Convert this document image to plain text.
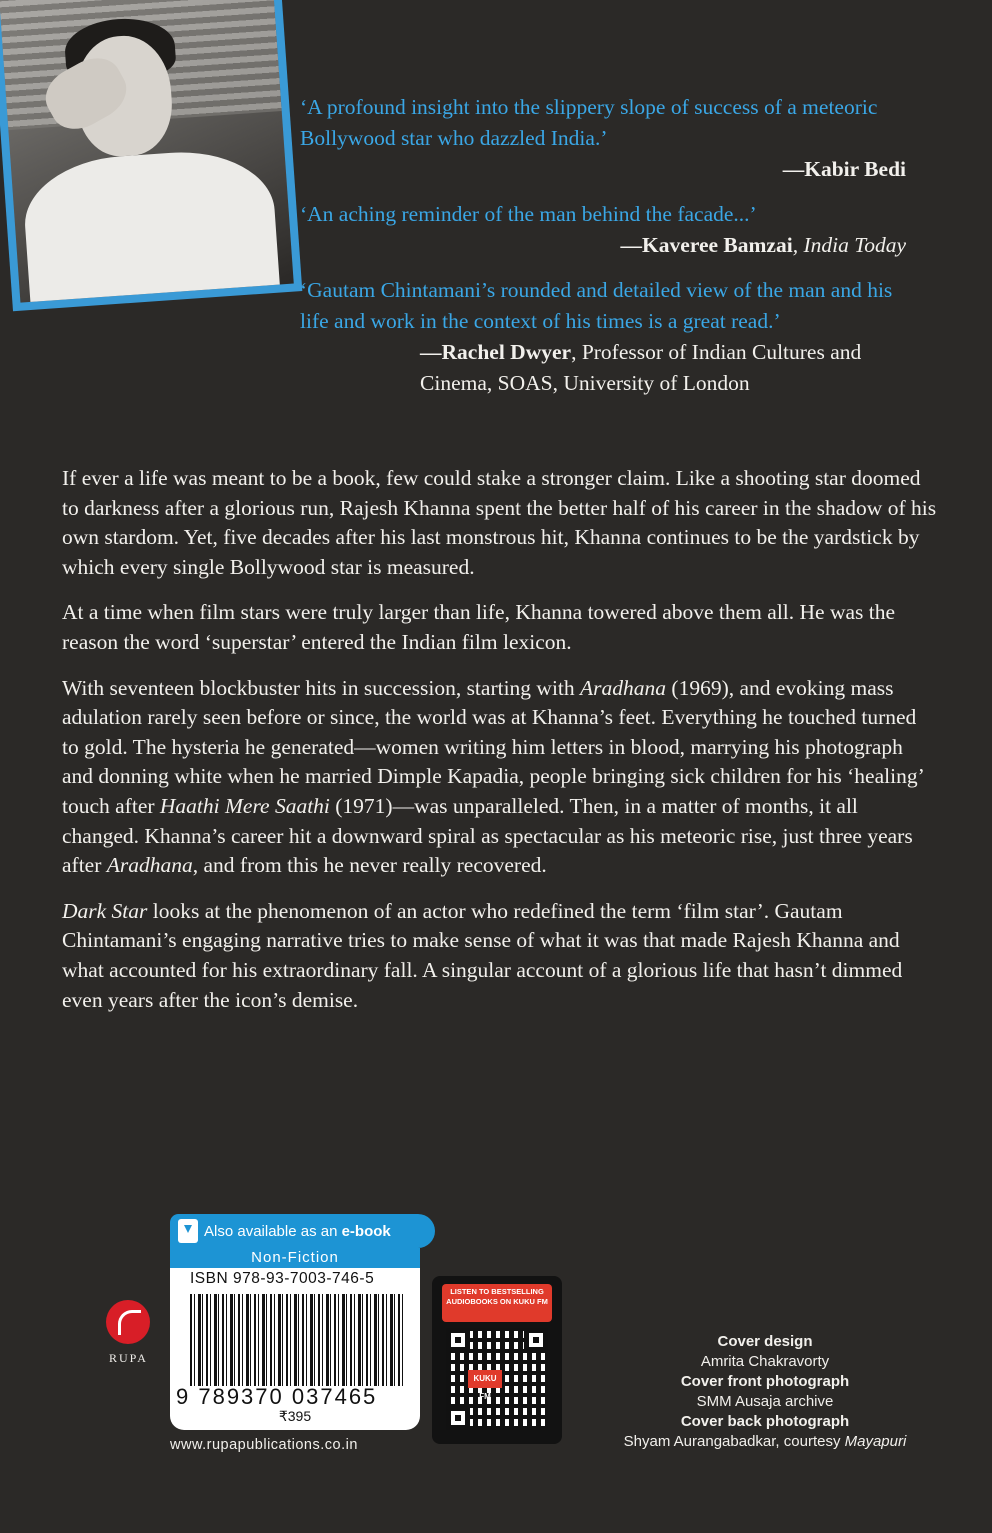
‘A profound insight into the slippery slope of success of a meteoric Bollywood star who dazzled India.’
—Kabir Bedi
‘An aching reminder of the man behind the facade...’
—Kaveree Bamzai, India Today
‘Gautam Chintamani’s rounded and detailed view of the man and his life and work in the context of his times is a great read.’
—Rachel Dwyer, Professor of Indian Cultures and Cinema, SOAS, University of London

If ever a life was meant to be a book, few could stake a stronger claim. Like a shooting star doomed to darkness after a glorious run, Rajesh Khanna spent the better half of his career in the shadow of his own stardom. Yet, five decades after his last monstrous hit, Khanna continues to be the yardstick by which every single Bollywood star is measured.

At a time when film stars were truly larger than life, Khanna towered above them all. He was the reason the word ‘superstar’ entered the Indian film lexicon.

With seventeen blockbuster hits in succession, starting with Aradhana (1969), and evoking mass adulation rarely seen before or since, the world was at Khanna’s feet. Everything he touched turned to gold. The hysteria he generated—women writing him letters in blood, marrying his photograph and donning white when he married Dimple Kapadia, people bringing sick children for his ‘healing’ touch after Haathi Mere Saathi (1971)—was unparalleled. Then, in a matter of months, it all changed. Khanna’s career hit a downward spiral as spectacular as his meteoric rise, just three years after Aradhana, and from this he never really recovered.

Dark Star looks at the phenomenon of an actor who redefined the term ‘film star’. Gautam Chintamani’s engaging narrative tries to make sense of what it was that made Rajesh Khanna and what accounted for his extraordinary fall. A singular account of a glorious life that hasn’t dimmed even years after the icon’s demise.

Also available as an
e-book
Non-Fiction
ISBN 978-93-7003-746-5
9 789370 037465
₹395
www.rupapublications.co.in
RUPA
LISTEN TO BESTSELLING AUDIOBOOKS ON KUKU FM
KUKU FM
Cover design
Amrita Chakravorty
Cover front photograph
SMM Ausaja archive
Cover back photograph
Shyam Aurangabadkar, courtesy Mayapuri
